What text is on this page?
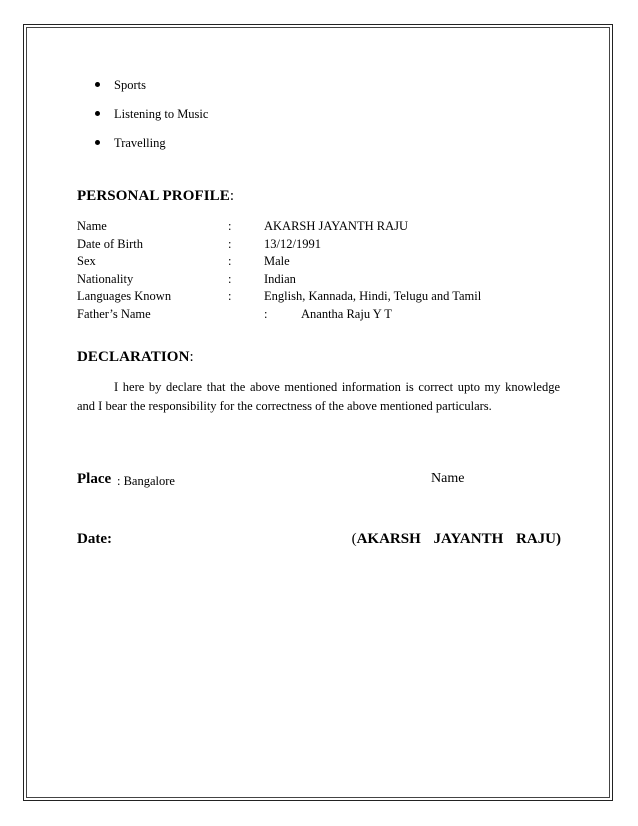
Sports
Listening to Music
Travelling
PERSONAL PROFILE:
Name	:	AKARSH JAYANTH RAJU
Date of Birth	:	13/12/1991
Sex	:	Male
Nationality	:	Indian
Languages Known	:	English, Kannada, Hindi, Telugu and Tamil
Father’s Name	:	Anantha Raju Y T
DECLARATION:

I here by declare that the above mentioned information is correct upto my knowledge and I bear the responsibility for the correctness of the above mentioned particulars.

Place : Bangalore	Name
Date:	(AKARSH JAYANTH RAJU)
